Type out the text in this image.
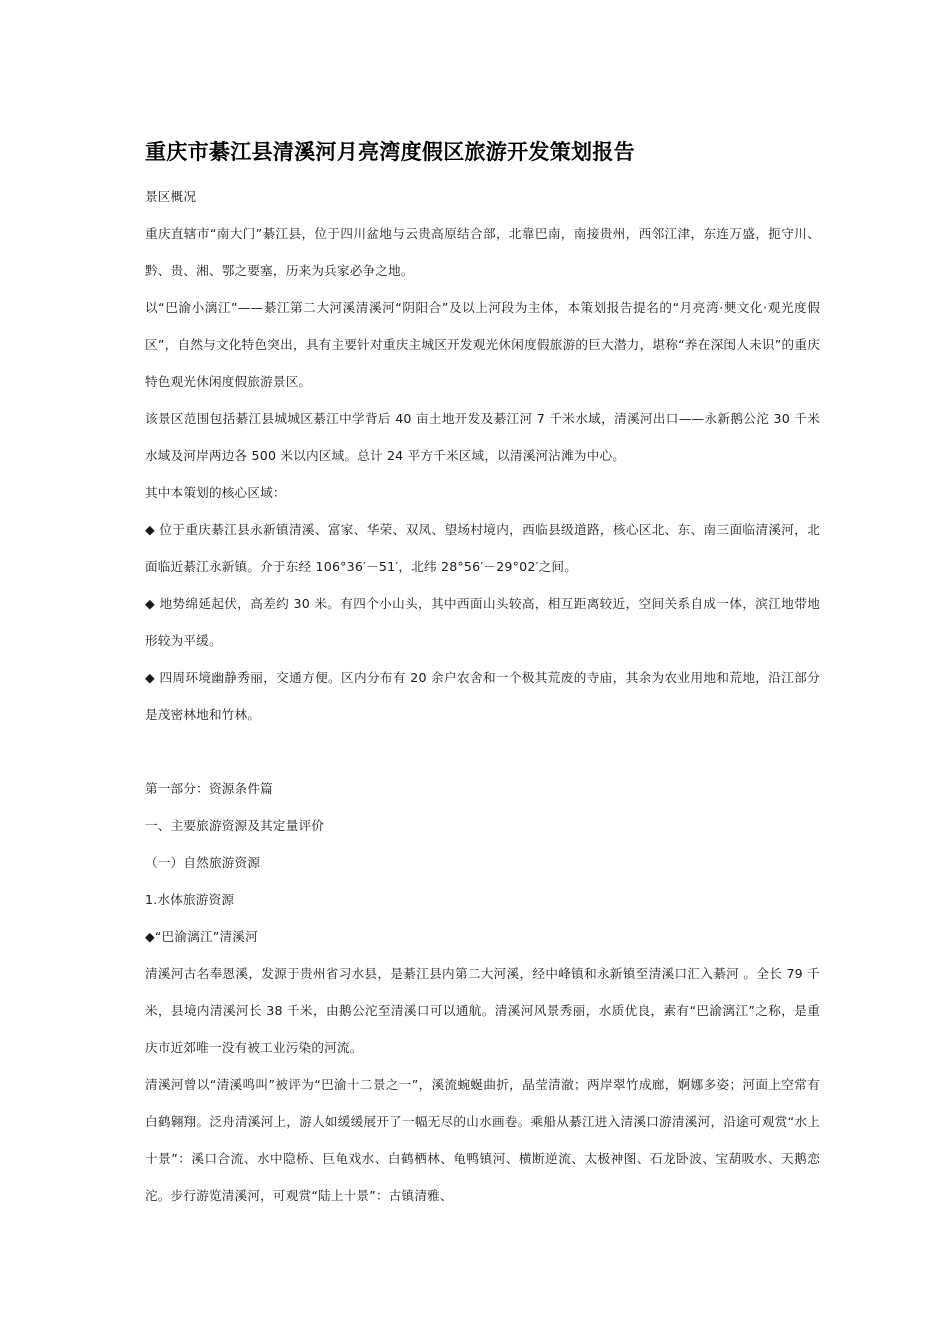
重庆市綦江县清溪河月亮湾度假区旅游开发策划报告

景区概况

重庆直辖市“南大门”綦江县，位于四川盆地与云贵高原结合部，北靠巴南，南接贵州，西邻江津，东连万盛，扼守川、黔、贵、湘、鄂之要塞，历来为兵家必争之地。

以“巴渝小漓江”——綦江第二大河溪清溪河“阴阳合”及以上河段为主体，本策划报告提名的“月亮湾·僰文化·观光度假区”，自然与文化特色突出，具有主要针对重庆主城区开发观光休闲度假旅游的巨大潜力，堪称“养在深闺人未识”的重庆特色观光休闲度假旅游景区。

该景区范围包括綦江县城城区綦江中学背后 40 亩土地开发及綦江河 7 千米水域，清溪河出口——永新鹅公沱 30 千米水域及河岸两边各 500 米以内区域。总计 24 平方千米区域，以清溪河沾滩为中心。

其中本策划的核心区域：

◆ 位于重庆綦江县永新镇清溪、富家、华荣、双凤、望场村境内，西临县级道路，核心区北、东、南三面临清溪河，北面临近綦江永新镇。介于东经 106°36′－51′，北纬 28°56′－29°02′之间。

◆ 地势绵延起伏，高差约 30 米。有四个小山头，其中西面山头较高，相互距离较近，空间关系自成一体，滨江地带地形较为平缓。

◆ 四周环境幽静秀丽，交通方便。区内分布有 20 余户农舍和一个极其荒废的寺庙，其余为农业用地和荒地，沿江部分是茂密林地和竹林。

第一部分：资源条件篇

一、主要旅游资源及其定量评价

（一）自然旅游资源

1.水体旅游资源

◆“巴渝漓江”清溪河

清溪河古名奉恩溪，发源于贵州省习水县，是綦江县内第二大河溪，经中峰镇和永新镇至清溪口汇入綦河 。全长 79 千米，县境内清溪河长 38 千米，由鹅公沱至清溪口可以通航。清溪河风景秀丽，水质优良，素有“巴渝漓江”之称，是重庆市近郊唯一没有被工业污染的河流。

清溪河曾以“清溪鸣叫”被评为“巴渝十二景之一”，溪流蜿蜒曲折，晶莹清澈；两岸翠竹成廊，婀娜多姿；河面上空常有白鹤翱翔。泛舟清溪河上，游人如缓缓展开了一幅无尽的山水画卷。乘船从綦江进入清溪口游清溪河，沿途可观赏“水上十景”：溪口合流、水中隐桥、巨龟戏水、白鹤栖林、龟鸭镇河、横断逆流、太极神图、石龙卧波、宝葫吸水、天鹅恋沱。步行游览清溪河，可观赏“陆上十景”：古镇清雅、
